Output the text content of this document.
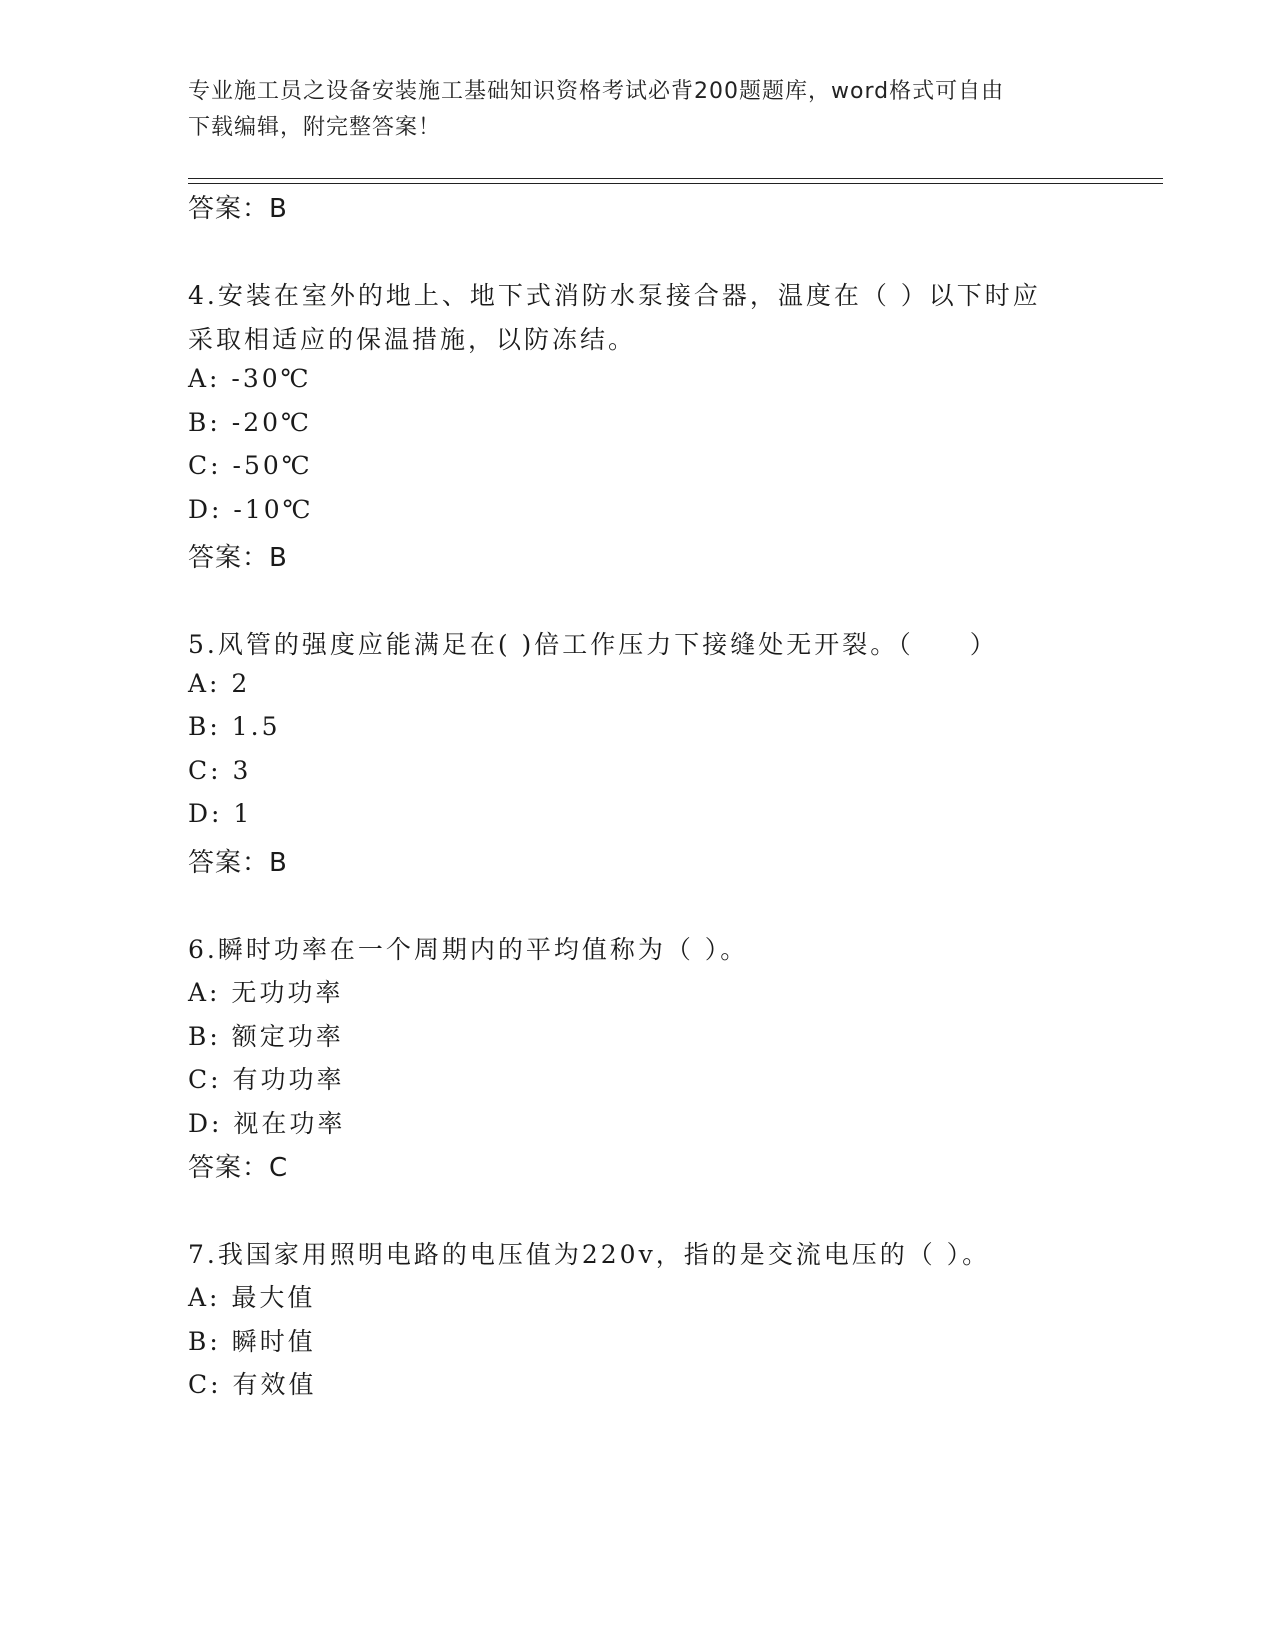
专业施工员之设备安装施工基础知识资格考试必背200题题库，word格式可自由
下载编辑，附完整答案！
答案：B
4.安装在室外的地上、地下式消防水泵接合器，温度在（ ）以下时应
采取相适应的保温措施，以防冻结。
A: -30℃
B: -20℃
C: -50℃
D: -10℃
答案：B
5.风管的强度应能满足在( )倍工作压力下接缝处无开裂。（　　）
A: 2
B: 1.5
C: 3
D: 1
答案：B
6.瞬时功率在一个周期内的平均值称为（ ）。
A: 无功功率
B: 额定功率
C: 有功功率
D: 视在功率
答案：C
7.我国家用照明电路的电压值为220v，指的是交流电压的（ ）。
A: 最大值
B: 瞬时值
C: 有效值
